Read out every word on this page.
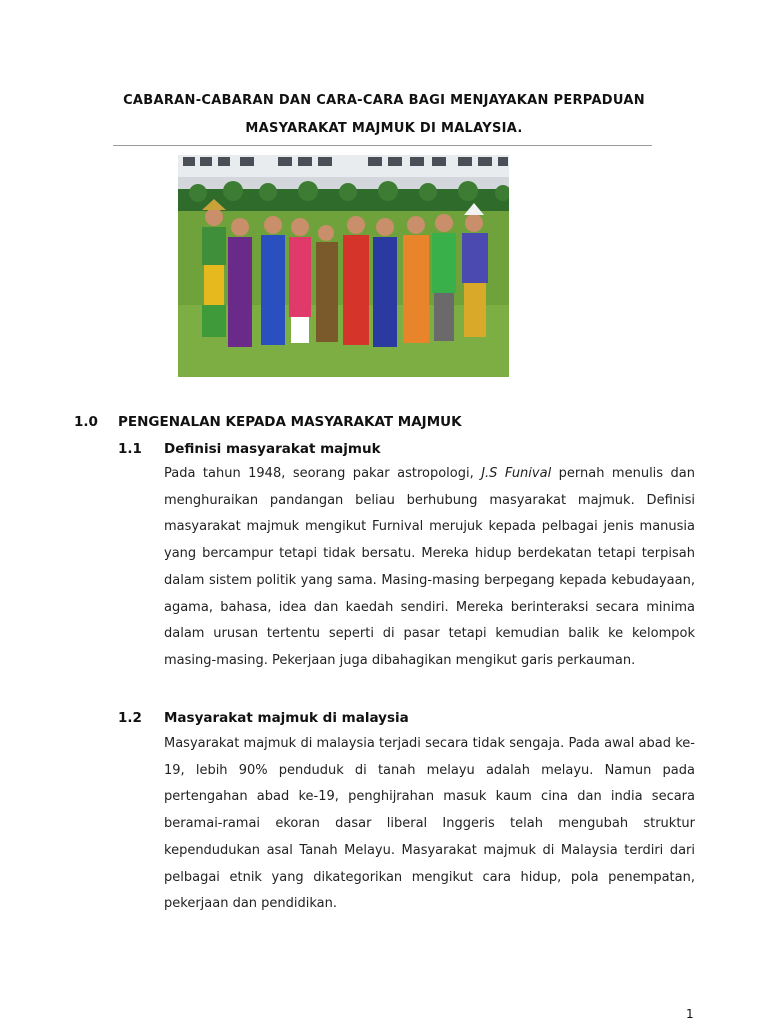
CABARAN-CABARAN DAN CARA-CARA BAGI MENJAYAKAN PERPADUAN
MASYARAKAT MAJMUK DI MALAYSIA.
1.0 PENGENALAN KEPADA MASYARAKAT MAJMUK
1.1 Definisi masyarakat majmuk
Pada tahun 1948, seorang pakar astropologi, J.S Funival pernah menulis dan menghuraikan pandangan beliau berhubung masyarakat majmuk. Definisi masyarakat majmuk mengikut Furnival merujuk kepada pelbagai jenis manusia yang bercampur tetapi tidak bersatu. Mereka hidup berdekatan tetapi terpisah dalam sistem politik yang sama. Masing-masing berpegang kepada kebudayaan, agama, bahasa, idea dan kaedah sendiri. Mereka berinteraksi secara minima dalam urusan tertentu seperti di pasar tetapi kemudian balik ke kelompok masing-masing. Pekerjaan juga dibahagikan mengikut garis perkauman.
1.2 Masyarakat majmuk di malaysia
Masyarakat majmuk di malaysia terjadi secara tidak sengaja. Pada awal abad ke-19, lebih 90% penduduk di tanah melayu adalah melayu. Namun pada pertengahan abad ke-19, penghijrahan masuk kaum cina dan india secara beramai-ramai ekoran dasar liberal Inggeris telah mengubah struktur kependudukan asal Tanah Melayu. Masyarakat majmuk di Malaysia terdiri dari pelbagai etnik yang dikategorikan mengikut cara hidup, pola penempatan, pekerjaan dan pendidikan.
1
